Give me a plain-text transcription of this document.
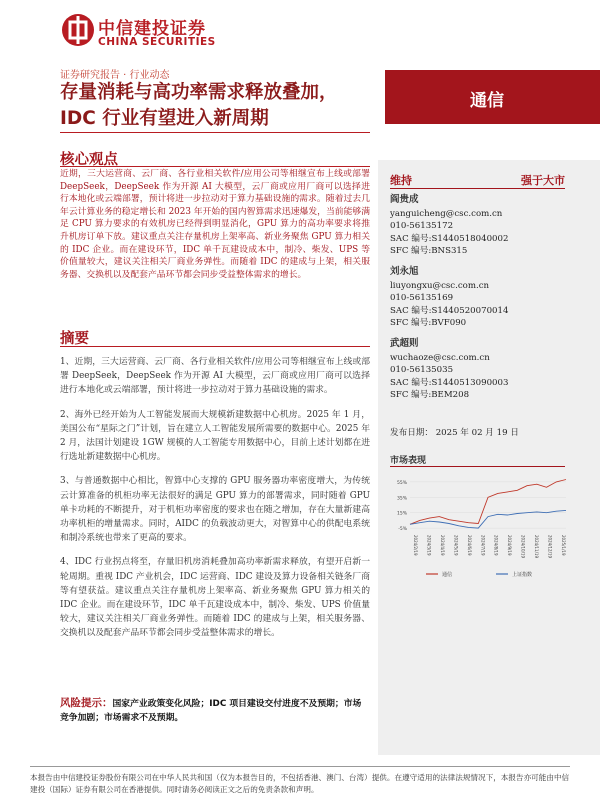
中信建投证券
CHINA SECURITIES
证券研究报告 · 行业动态
存量消耗与高功率需求释放叠加，IDC 行业有望进入新周期
通信
核心观点
近期，三大运营商、云厂商、各行业相关软件/应用公司等相继宣布上线或部署 DeepSeek，DeepSeek 作为开源 AI 大模型，云厂商或应用厂商可以选择进行本地化或云端部署，预计将进一步拉动对于算力基础设施的需求。随着过去几年云计算业务的稳定增长和 2023 年开始的国内智算需求迅速爆发，当前能够满足 CPU 算力要求的有效机房已经得到明显消化，GPU 算力的高功率要求将推升机房订单下放。建议重点关注存量机房上架率高、新业务聚焦 GPU 算力相关的 IDC 企业。而在建设环节，IDC 单千瓦建设成本中，制冷、柴发、UPS 等价值量较大，建议关注相关厂商业务弹性。而随着 IDC 的建成与上架，相关服务器、交换机以及配套产品环节都会同步受益整体需求的增长。
摘要

1、近期，三大运营商、云厂商、各行业相关软件/应用公司等相继宣布上线或部署 DeepSeek，DeepSeek 作为开源 AI 大模型，云厂商或应用厂商可以选择进行本地化或云端部署，预计将进一步拉动对于算力基础设施的需求。

2、海外已经开始为人工智能发展而大规模新建数据中心机房。2025 年 1 月，美国公布“星际之门”计划，旨在建立人工智能发展所需要的数据中心。2025 年 2 月，法国计划建设 1GW 规模的人工智能专用数据中心，目前上述计划都在进行选址新建数据中心机房。

3、与普通数据中心相比，智算中心支撑的 GPU 服务器功率密度增大，为传统云计算准备的机柜功率无法很好的满足 GPU 算力的部署需求，同时随着 GPU 单卡功耗的不断提升，对于机柜功率密度的要求也在随之增加，存在大量新建高功率机柜的增量需求。同时，AIDC 的负载波动更大，对智算中心的供配电系统和制冷系统也带来了更高的要求。

4、IDC 行业拐点将至，存量旧机房消耗叠加高功率新需求释放，有望开启新一轮周期。重视 IDC 产业机会，IDC 运营商、IDC 建设及算力设备相关链条厂商等有望获益。建议重点关注存量机房上架率高、新业务聚焦 GPU 算力相关的 IDC 企业。而在建设环节，IDC 单千瓦建设成本中，制冷、柴发、UPS 价值量较大，建议关注相关厂商业务弹性。而随着 IDC 的建成与上架，相关服务器、交换机以及配套产品环节都会同步受益整体需求的增长。

风险提示：国家产业政策变化风险；IDC 项目建设交付进度不及预期；市场竞争加剧；市场需求不及预期。
维持	强于大市
阎贵成
yanguicheng@csc.com.cn
010-56135172
SAC 编号:S1440518040002
SFC 编号:BNS315
刘永旭
liuyongxu@csc.com.cn
010-56135169
SAC 编号:S1440520070014
SFC 编号:BVF090
武超则
wuchaoze@csc.com.cn
010-56135035
SAC 编号:S1440513090003
SFC 编号:BEM208
发布日期： 2025 年 02 月 19 日
市场表现
55%
35%
15%
-5%
2024/2/19 2024/3/19 2024/4/19 2024/5/19 2024/6/19 2024/7/19 2024/8/19 2024/9/19 2024/10/19 2024/11/19 2024/12/19 2025/1/19
通信	上证指数
本报告由中信建投证券股份有限公司在中华人民共和国（仅为本报告目的，不包括香港、澳门、台湾）提供。在遵守适用的法律法规情况下，本报告亦可能由中信建投（国际）证券有限公司在香港提供。同时请务必阅读正文之后的免责条款和声明。
